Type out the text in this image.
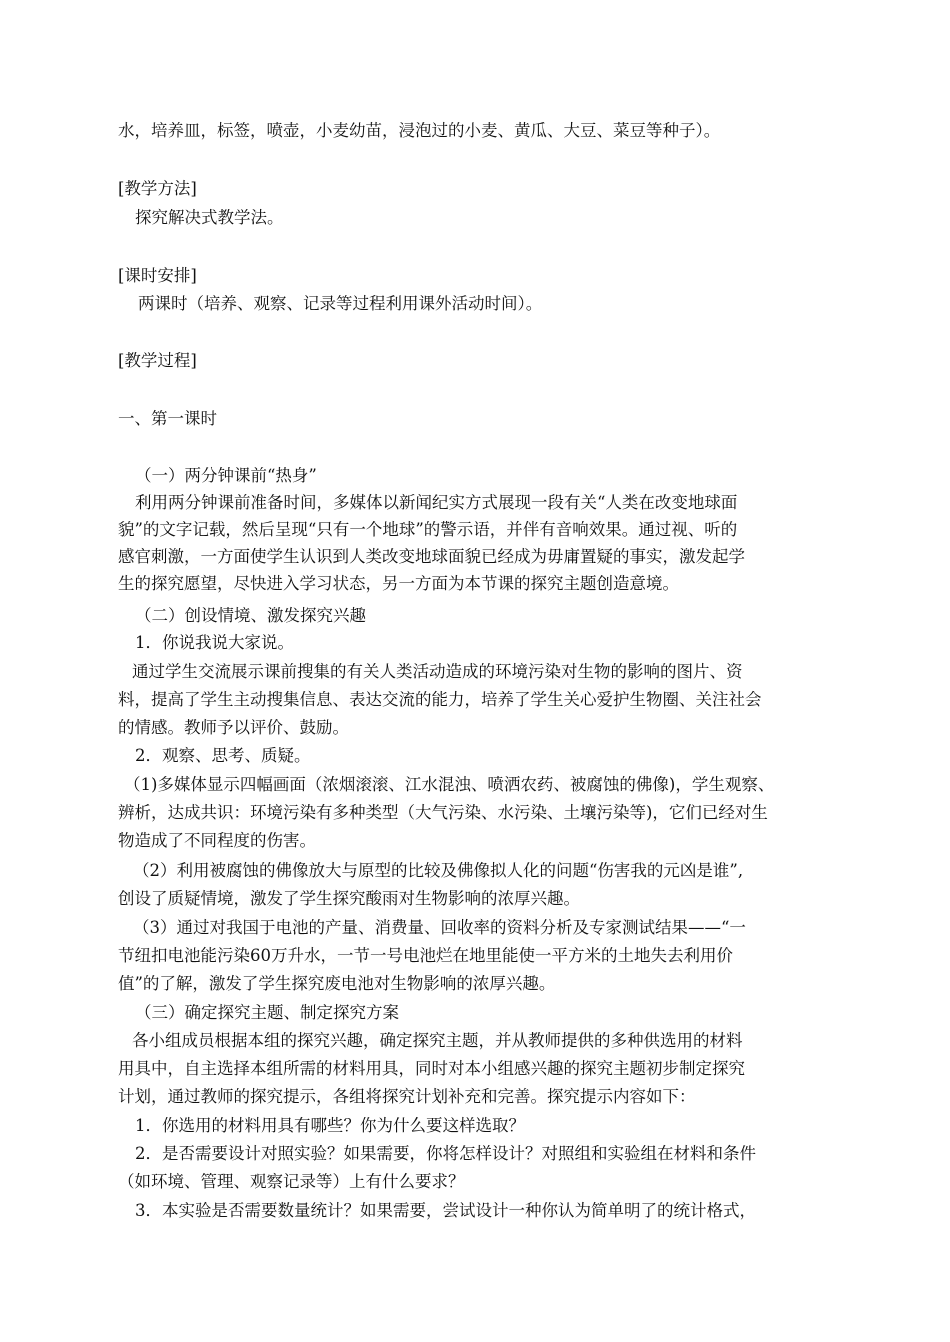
水，培养皿，标签，喷壶，小麦幼苗，浸泡过的小麦、黄瓜、大豆、菜豆等种子）。
[教学方法]
探究解决式教学法。
[课时安排]
两课时（培养、观察、记录等过程利用课外活动时间）。
[教学过程]
一、第一课时
（一）两分钟课前“热身”
利用两分钟课前准备时间，多媒体以新闻纪实方式展现一段有关“人类在改变地球面
貌”的文字记载，然后呈现“只有一个地球”的警示语，并伴有音响效果。通过视、听的
感官刺激，一方面使学生认识到人类改变地球面貌已经成为毋庸置疑的事实，激发起学
生的探究愿望，尽快进入学习状态，另一方面为本节课的探究主题创造意境。
（二）创设情境、激发探究兴趣
1．你说我说大家说。
通过学生交流展示课前搜集的有关人类活动造成的环境污染对生物的影响的图片、资
料，提高了学生主动搜集信息、表达交流的能力，培养了学生关心爱护生物圈、关注社会
的情感。教师予以评价、鼓励。
2．观察、思考、质疑。
（1)多媒体显示四幅画面（浓烟滚滚、江水混浊、喷洒农药、被腐蚀的佛像)，学生观察、
辨析，达成共识：环境污染有多种类型（大气污染、水污染、土壤污染等)，它们已经对生
物造成了不同程度的伤害。
（2）利用被腐蚀的佛像放大与原型的比较及佛像拟人化的问题“伤害我的元凶是谁”,
创设了质疑情境，激发了学生探究酸雨对生物影响的浓厚兴趣。
（3）通过对我国于电池的产量、消费量、回收率的资料分析及专家测试结果——“一
节纽扣电池能污染60万升水，一节一号电池烂在地里能使一平方米的土地失去利用价
值”的了解，激发了学生探究废电池对生物影响的浓厚兴趣。
（三）确定探究主题、制定探究方案
各小组成员根据本组的探究兴趣，确定探究主题，并从教师提供的多种供选用的材料
用具中，自主选择本组所需的材料用具，同时对本小组感兴趣的探究主题初步制定探究
计划，通过教师的探究提示，各组将探究计划补充和完善。探究提示内容如下：
1．你选用的材料用具有哪些？你为什么要这样选取？
2．是否需要设计对照实验？如果需要，你将怎样设计？对照组和实验组在材料和条件
（如环境、管理、观察记录等）上有什么要求？
3．本实验是否需要数量统计？如果需要，尝试设计一种你认为简单明了的统计格式，
